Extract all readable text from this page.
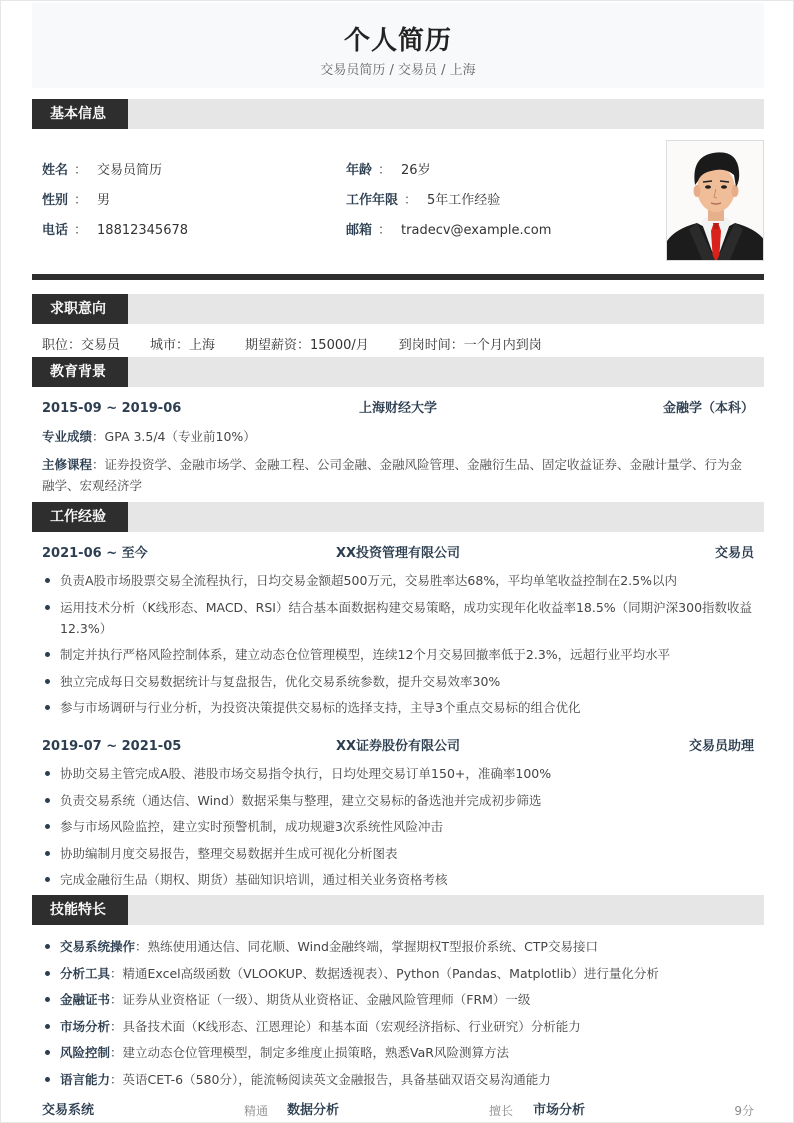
个人简历
交易员简历 / 交易员 / 上海
基本信息
姓名 ： 交易员简历
性别 ： 男
电话 ： 18812345678
年龄 ： 26岁
工作年限 ： 5年工作经验
邮箱 ： tradecv@example.com
求职意向
职位：交易员 城市：上海 期望薪资：15000/月 到岗时间：一个月内到岗
教育背景
2015-09 ~ 2019-06	上海财经大学	金融学（本科）
专业成绩：GPA 3.5/4（专业前10%）
主修课程：证券投资学、金融市场学、金融工程、公司金融、金融风险管理、金融衍生品、固定收益证券、金融计量学、行为金融学、宏观经济学
工作经验
2021-06 ~ 至今	XX投资管理有限公司	交易员
负责A股市场股票交易全流程执行，日均交易金额超500万元，交易胜率达68%，平均单笔收益控制在2.5%以内
运用技术分析（K线形态、MACD、RSI）结合基本面数据构建交易策略，成功实现年化收益率18.5%（同期沪深300指数收益12.3%）
制定并执行严格风险控制体系，建立动态仓位管理模型，连续12个月交易回撤率低于2.3%，远超行业平均水平
独立完成每日交易数据统计与复盘报告，优化交易系统参数，提升交易效率30%
参与市场调研与行业分析，为投资决策提供交易标的选择支持，主导3个重点交易标的组合优化
2019-07 ~ 2021-05	XX证券股份有限公司	交易员助理
协助交易主管完成A股、港股市场交易指令执行，日均处理交易订单150+，准确率100%
负责交易系统（通达信、Wind）数据采集与整理，建立交易标的备选池并完成初步筛选
参与市场风险监控，建立实时预警机制，成功规避3次系统性风险冲击
协助编制月度交易报告，整理交易数据并生成可视化分析图表
完成金融衍生品（期权、期货）基础知识培训，通过相关业务资格考核
技能特长
交易系统操作：熟练使用通达信、同花顺、Wind金融终端，掌握期权T型报价系统、CTP交易接口
分析工具：精通Excel高级函数（VLOOKUP、数据透视表）、Python（Pandas、Matplotlib）进行量化分析
金融证书：证券从业资格证（一级）、期货从业资格证、金融风险管理师（FRM）一级
市场分析：具备技术面（K线形态、江恩理论）和基本面（宏观经济指标、行业研究）分析能力
风险控制：建立动态仓位管理模型，制定多维度止损策略，熟悉VaR风险测算方法
语言能力：英语CET-6（580分），能流畅阅读英文金融报告，具备基础双语交易沟通能力
交易系统	精通 数据分析	擅长 市场分析	9分
